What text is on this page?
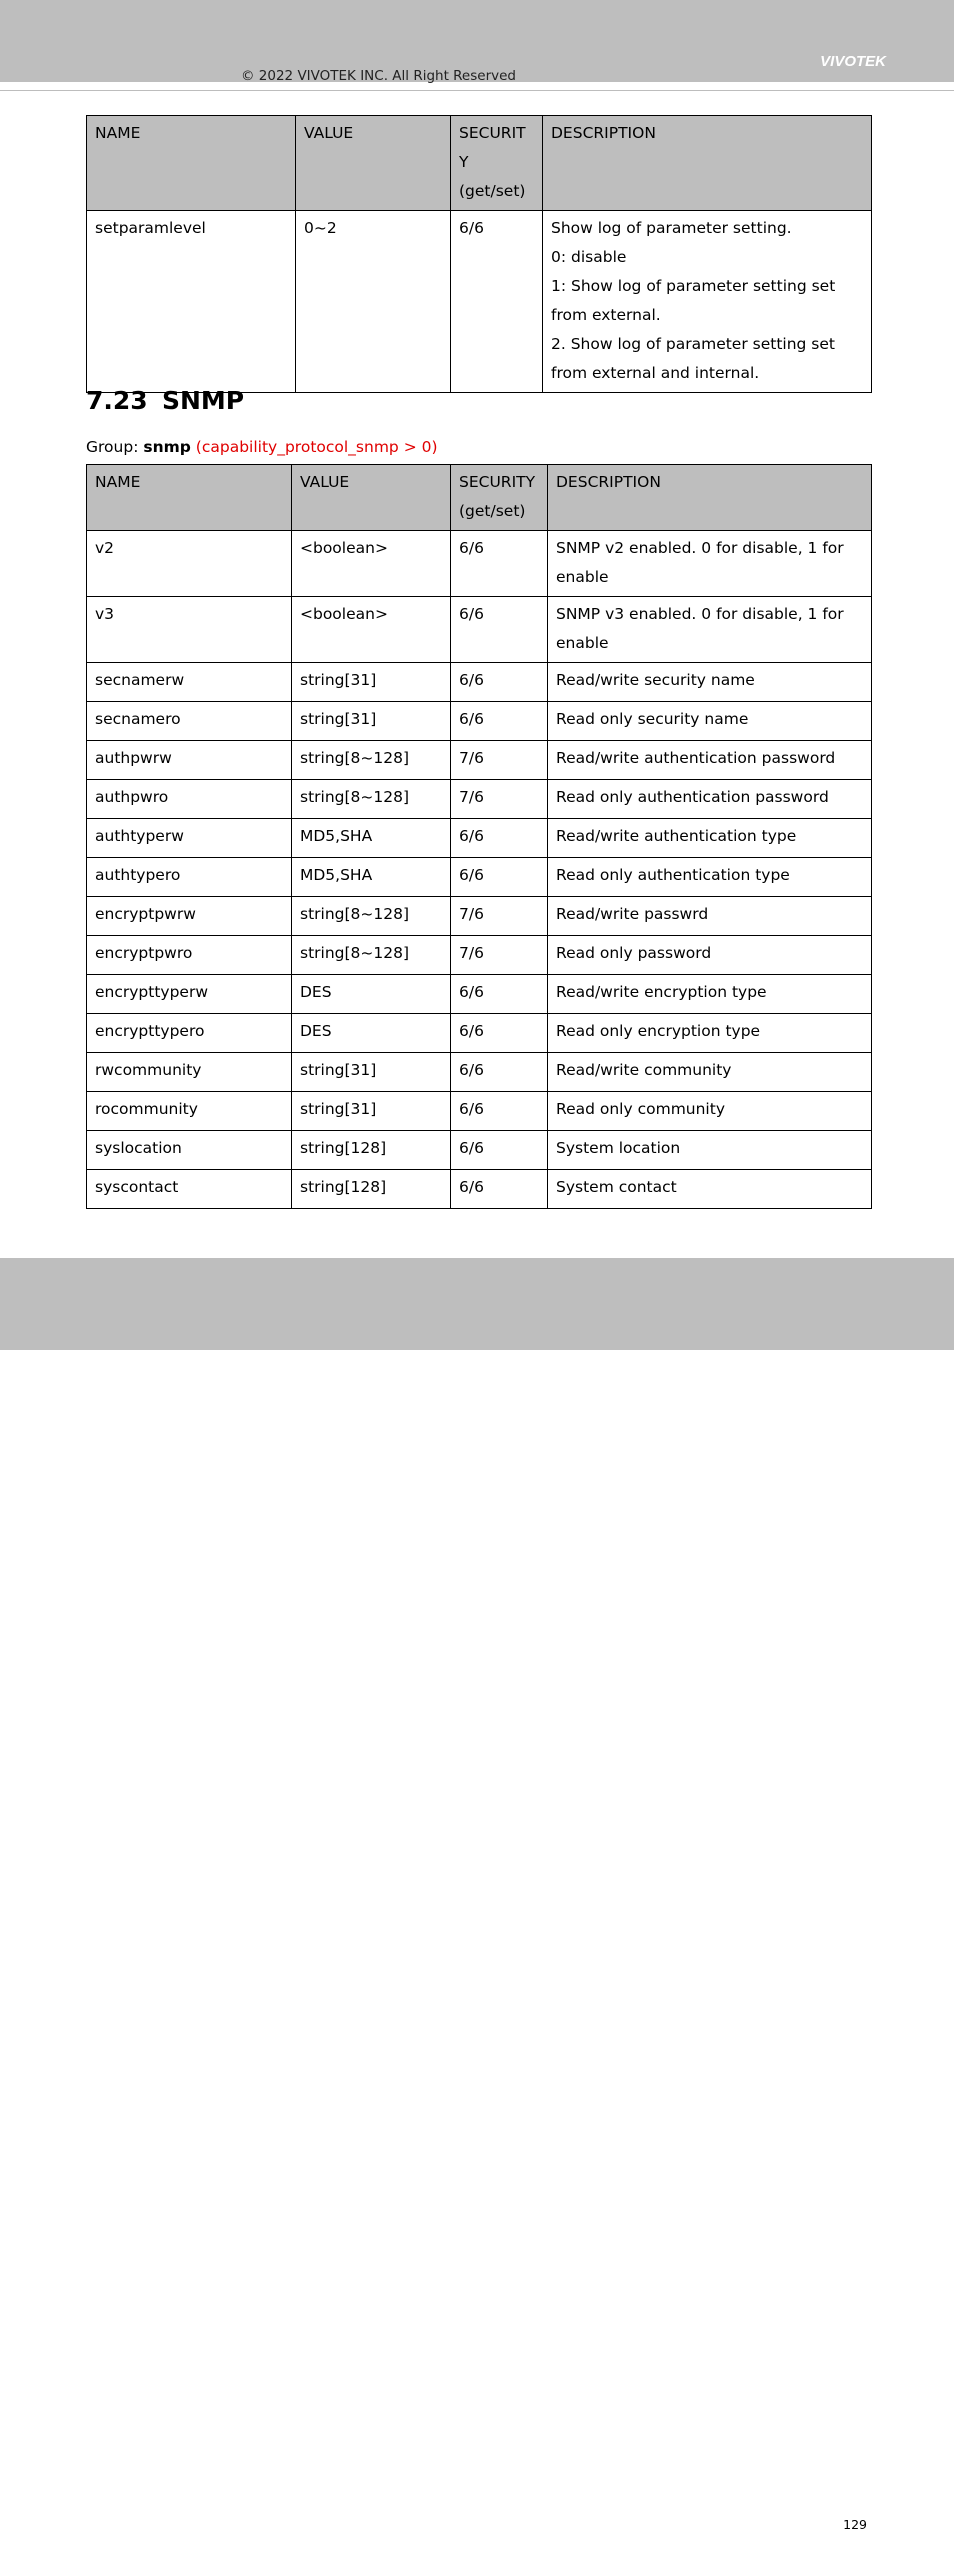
© 2022 VIVOTEK INC. All Right Reserved
VIVOTEK
NAME	VALUE	SECURITY (get/set)	DESCRIPTION
setparamlevel	0~2	6/6	Show log of parameter setting.
0: disable
1: Show log of parameter setting set from external.
2. Show log of parameter setting set from external and internal.
7.23 SNMP

Group: snmp (capability_protocol_snmp > 0)

NAME	VALUE	SECURITY (get/set)	DESCRIPTION
v2	<boolean>	6/6	SNMP v2 enabled. 0 for disable, 1 for enable
v3	<boolean>	6/6	SNMP v3 enabled. 0 for disable, 1 for enable
secnamerw	string[31]	6/6	Read/write security name
secnamero	string[31]	6/6	Read only security name
authpwrw	string[8~128]	7/6	Read/write authentication password
authpwro	string[8~128]	7/6	Read only authentication password
authtyperw	MD5,SHA	6/6	Read/write authentication type
authtypero	MD5,SHA	6/6	Read only authentication type
encryptpwrw	string[8~128]	7/6	Read/write passwrd
encryptpwro	string[8~128]	7/6	Read only password
encrypttyperw	DES	6/6	Read/write encryption type
encrypttypero	DES	6/6	Read only encryption type
rwcommunity	string[31]	6/6	Read/write community
rocommunity	string[31]	6/6	Read only community
syslocation	string[128]	6/6	System location
syscontact	string[128]	6/6	System contact
129
User's Manual - 279
